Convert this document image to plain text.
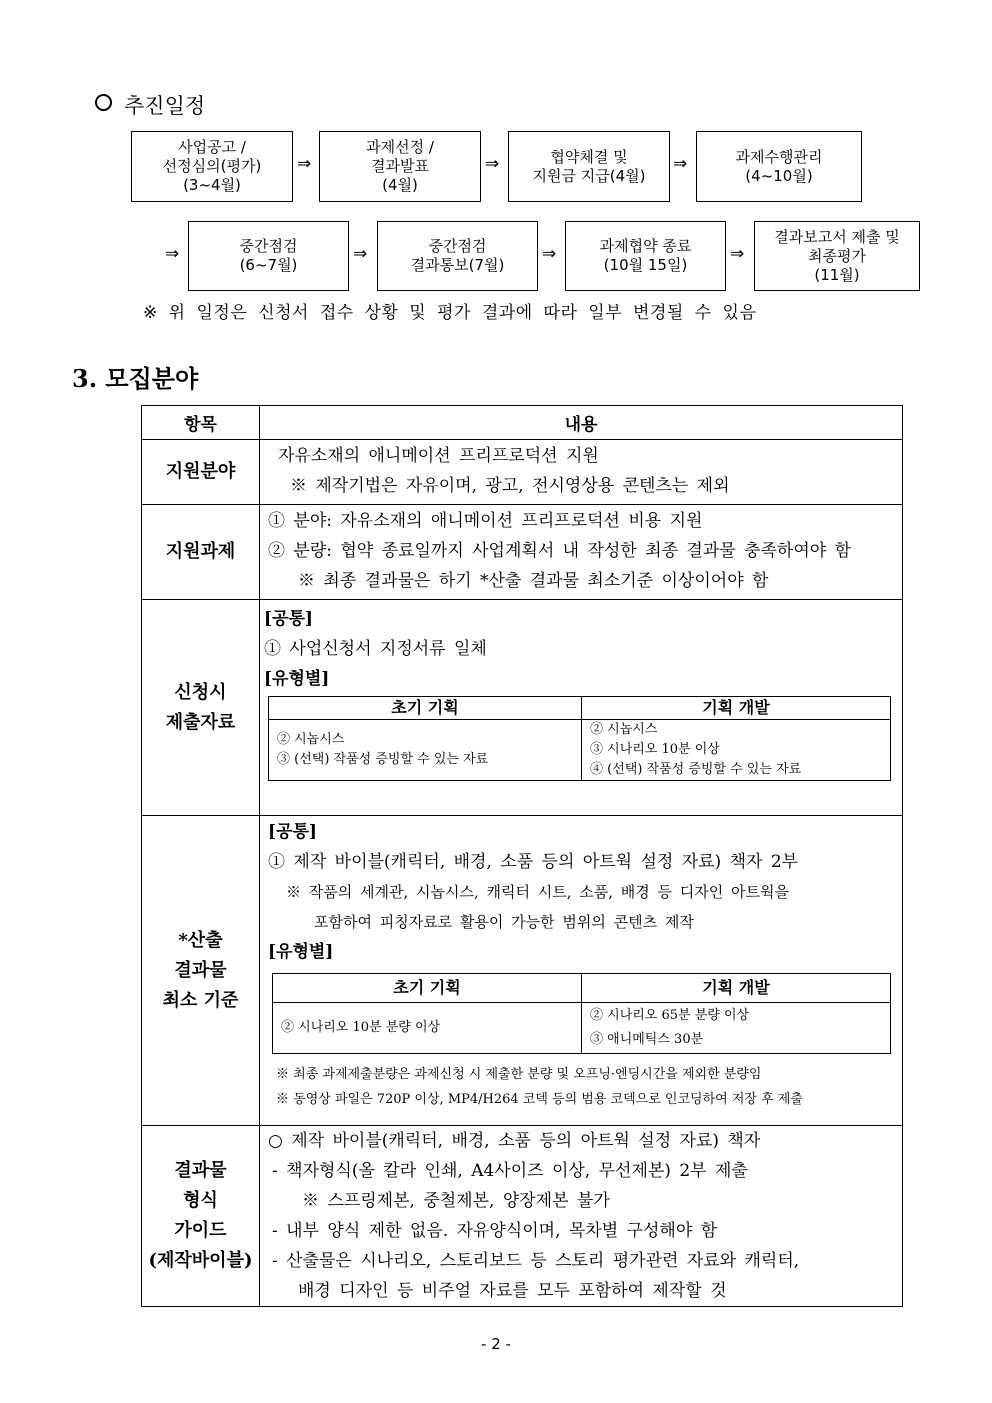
추진일정
사업공고 /
선정심의(평가)
(3~4월)
⇒
과제선정 /
결과발표
(4월)
⇒	협약체결 및
지원금 지급(4월)
⇒	과제수행관리
(4~10월)
⇒	중간점검
(6~7월)
⇒	중간점검
결과통보(7월)
⇒	과제협약 종료
(10월 15일)
⇒
결과보고서 제출 및
최종평가
(11월)
※ 위 일정은 신청서 접수 상황 및 평가 결과에 따라 일부 변경될 수 있음
3. 모집분야
항목	내용
지원분야	
자유소재의 애니메이션 프리프로덕션 지원
※ 제작기법은 자유이며, 광고, 전시영상용 콘텐츠는 제외

지원과제	
① 분야: 자유소재의 애니메이션 프리프로덕션 비용 지원
② 분량: 협약 종료일까지 사업계획서 내 작성한 최종 결과물 충족하여야 함
※ 최종 결과물은 하기 *산출 결과물 최소기준 이상이어야 함

신청시
제출자료

[공통]
① 사업신청서 지정서류 일체
[유형별]
초기 기획	기획 개발

② 시놉시스
③ (선택) 작품성 증빙할 수 있는 자료

② 시놉시스
③ 시나리오 10분 이상
④ (선택) 작품성 증빙할 수 있는 자료

*산출
결과물
최소 기준

[공통]
① 제작 바이블(캐릭터, 배경, 소품 등의 아트웍 설정 자료) 책자 2부
※ 작품의 세계관, 시놉시스, 캐릭터 시트, 소품, 배경 등 디자인 아트웍을
포함하여 피칭자료로 활용이 가능한 범위의 콘텐츠 제작
[유형별]
초기 기획	기획 개발

② 시나리오 10분 분량 이상

② 시나리오 65분 분량 이상
③ 애니메틱스 30분
※ 최종 과제제출분량은 과제신청 시 제출한 분량 및 오프닝·엔딩시간을 제외한 분량임
※ 동영상 파일은 720P 이상, MP4/H264 코덱 등의 범용 코덱으로 인코딩하여 저장 후 제출

결과물
형식
가이드
(제작바이블)

○ 제작 바이블(캐릭터, 배경, 소품 등의 아트웍 설정 자료) 책자
- 책자형식(올 칼라 인쇄, A4사이즈 이상, 무선제본) 2부 제출
※ 스프링제본, 중철제본, 양장제본 불가
- 내부 양식 제한 없음. 자유양식이며, 목차별 구성해야 함
- 산출물은 시나리오, 스토리보드 등 스토리 평가관련 자료와 캐릭터,
배경 디자인 등 비주얼 자료를 모두 포함하여 제작할 것
- 2 -
